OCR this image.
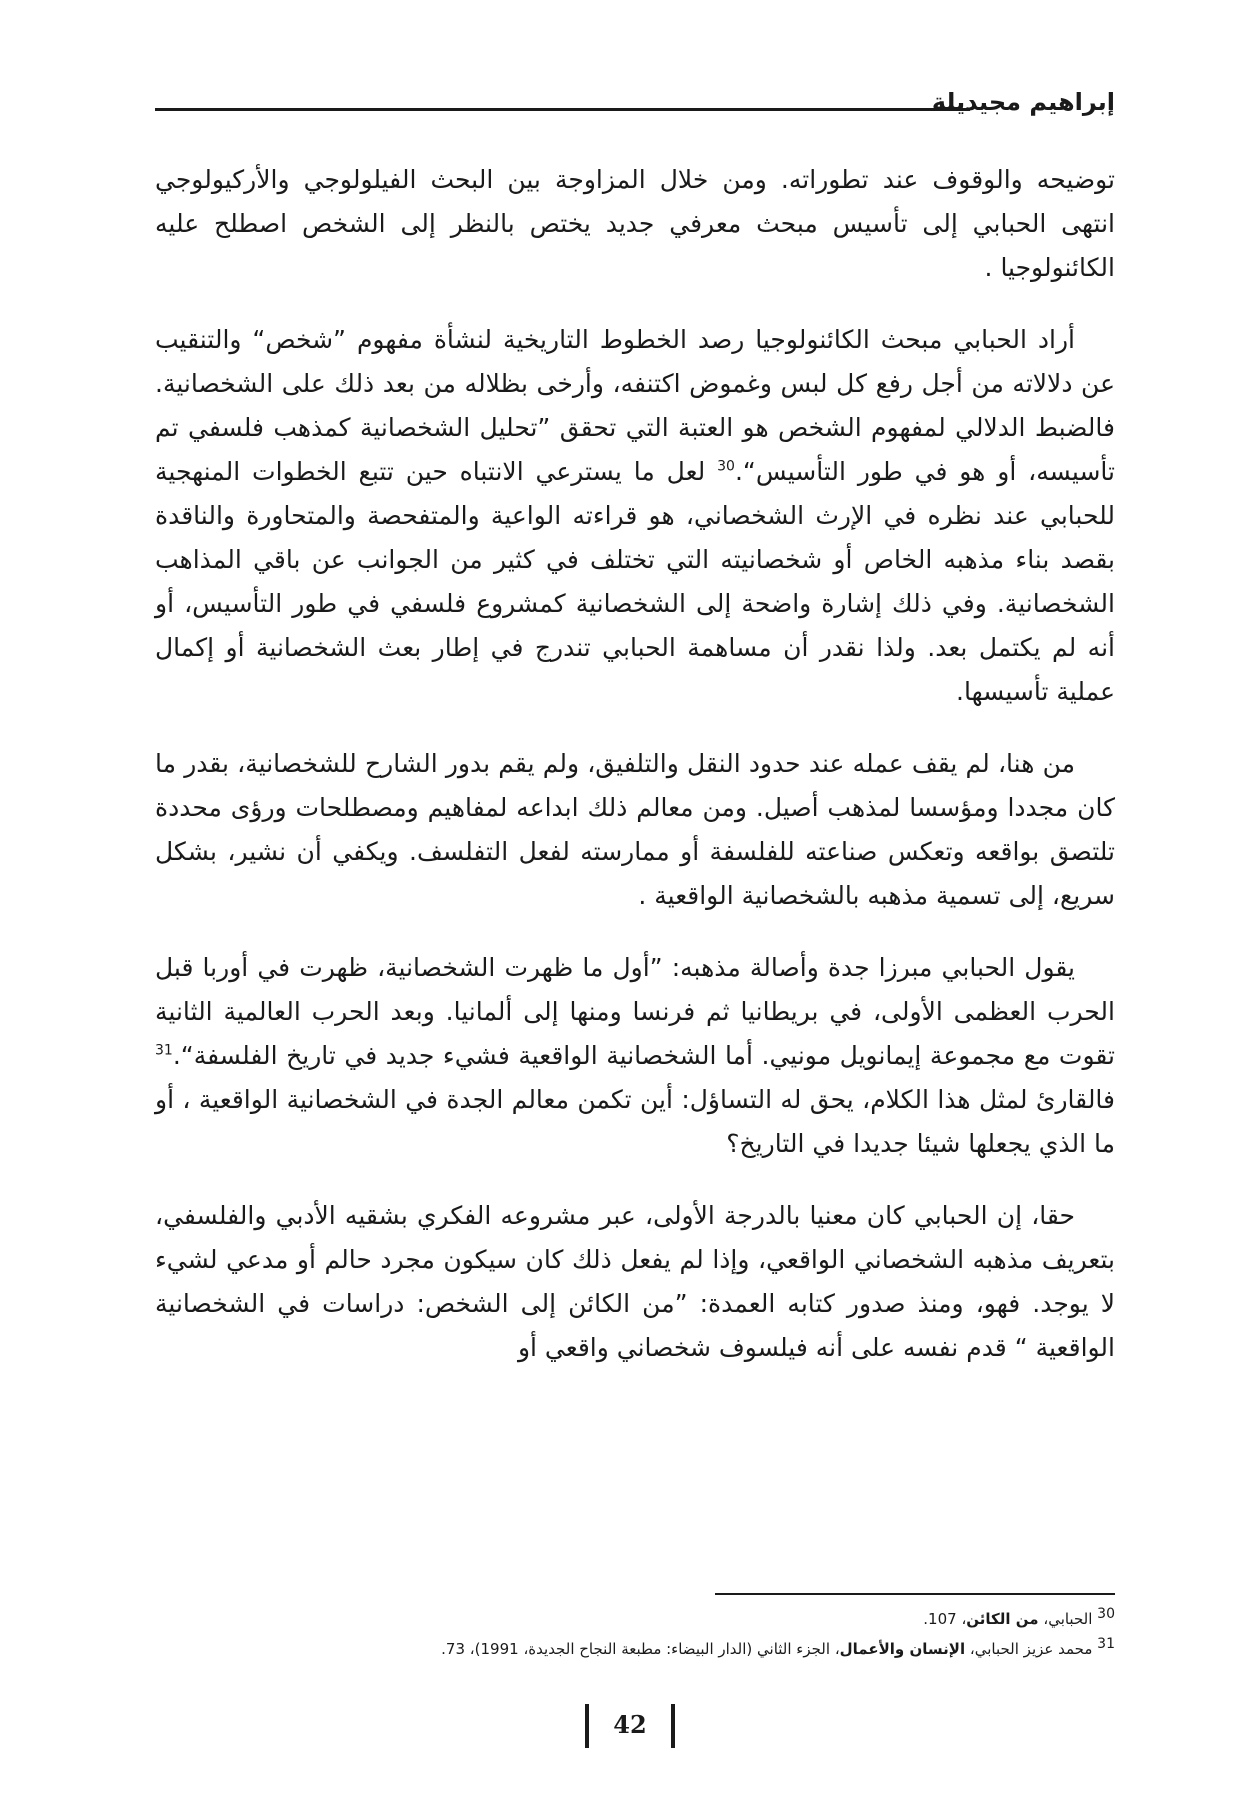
إبراهيم مجيديلة

توضيحه والوقوف عند تطوراته. ومن خلال المزاوجة بين البحث الفيلولوجي والأركيولوجي انتهى الحبابي إلى تأسيس مبحث معرفي جديد يختص بالنظر إلى الشخص اصطلح عليه الكائنولوجيا .

أراد الحبابي مبحث الكائنولوجيا رصد الخطوط التاريخية لنشأة مفهوم ”شخص“ والتنقيب عن دلالاته من أجل رفع كل لبس وغموض اكتنفه، وأرخى بظلاله من بعد ذلك على الشخصانية. فالضبط الدلالي لمفهوم الشخص هو العتبة التي تحقق ”تحليل الشخصانية كمذهب فلسفي تم تأسيسه، أو هو في طور التأسيس“.$^{30}$ لعل ما يسترعي الانتباه حين تتبع الخطوات المنهجية للحبابي عند نظره في الإرث الشخصاني، هو قراءته الواعية والمتفحصة والمتحاورة والناقدة بقصد بناء مذهبه الخاص أو شخصانيته التي تختلف في كثير من الجوانب عن باقي المذاهب الشخصانية. وفي ذلك إشارة واضحة إلى الشخصانية كمشروع فلسفي في طور التأسيس، أو أنه لم يكتمل بعد. ولذا نقدر أن مساهمة الحبابي تندرج في إطار بعث الشخصانية أو إكمال عملية تأسيسها.

من هنا، لم يقف عمله عند حدود النقل والتلفيق، ولم يقم بدور الشارح للشخصانية، بقدر ما كان مجددا ومؤسسا لمذهب أصيل. ومن معالم ذلك ابداعه لمفاهيم ومصطلحات ورؤى محددة تلتصق بواقعه وتعكس صناعته للفلسفة أو ممارسته لفعل التفلسف. ويكفي أن نشير، بشكل سريع، إلى تسمية مذهبه بالشخصانية الواقعية .

يقول الحبابي مبرزا جدة وأصالة مذهبه: ”أول ما ظهرت الشخصانية، ظهرت في أوربا قبل الحرب العظمى الأولى، في بريطانيا ثم فرنسا ومنها إلى ألمانيا. وبعد الحرب العالمية الثانية تقوت مع مجموعة إيمانويل مونيي. أما الشخصانية الواقعية فشيء جديد في تاريخ الفلسفة“.$^{31}$ فالقارئ لمثل هذا الكلام، يحق له التساؤل: أين تكمن معالم الجدة في الشخصانية الواقعية ، أو ما الذي يجعلها شيئا جديدا في التاريخ؟

حقا، إن الحبابي كان معنيا بالدرجة الأولى، عبر مشروعه الفكري بشقيه الأدبي والفلسفي، بتعريف مذهبه الشخصاني الواقعي، وإذا لم يفعل ذلك كان سيكون مجرد حالم أو مدعي لشيء لا يوجد. فهو، ومنذ صدور كتابه العمدة: ”من الكائن إلى الشخص: دراسات في الشخصانية الواقعية “ قدم نفسه على أنه فيلسوف شخصاني واقعي أو

$^{30}$ الحبابي، من الكائن، 107.
$^{31}$ محمد عزيز الحبابي، الإنسان والأعمال، الجزء الثاني (الدار البيضاء: مطبعة النجاح الجديدة، 1991)، 73.
42
